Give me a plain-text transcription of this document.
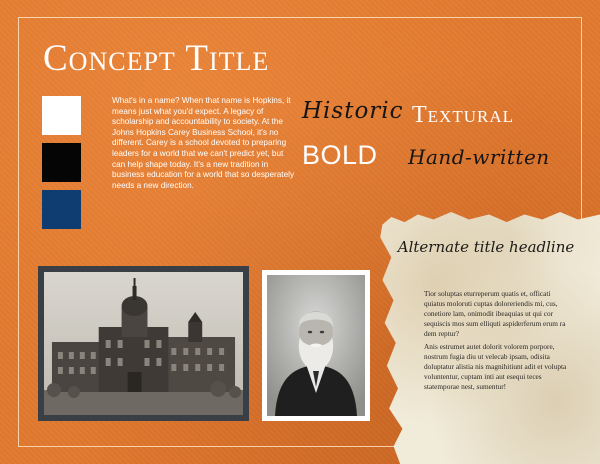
Concept Title

What's in a name? When that name is Hopkins, it means just what you'd expect. A legacy of scholarship and accountability to society. At the Johns Hopkins Carey Business School, it's no different. Carey is a school devoted to preparing leaders for a world that we can't predict yet, but can help shape today. It's a new tradition in business education for a world that so desperately needs a new direction.

Historic Textural
BOLD Hand-written
Alternate title headline

Tior soluptas eturreperum quatis et, officati quiatus moloruti cuptas doloreriendis mi, cus, conetiore lam, onimodit ibeaquias ut qui cor sequiscis mos sum elliquti aspiderferum erum ra dem reptur?

Anis estrumet autet dolorit volorem porpore, nostrum fugia diu ut velecab ipsam, odisita doluptatur alistia nis magnihitiunt adit et volupta voluntentur, cuptam inti aut esequi teces statemporae nest, sumentur!
